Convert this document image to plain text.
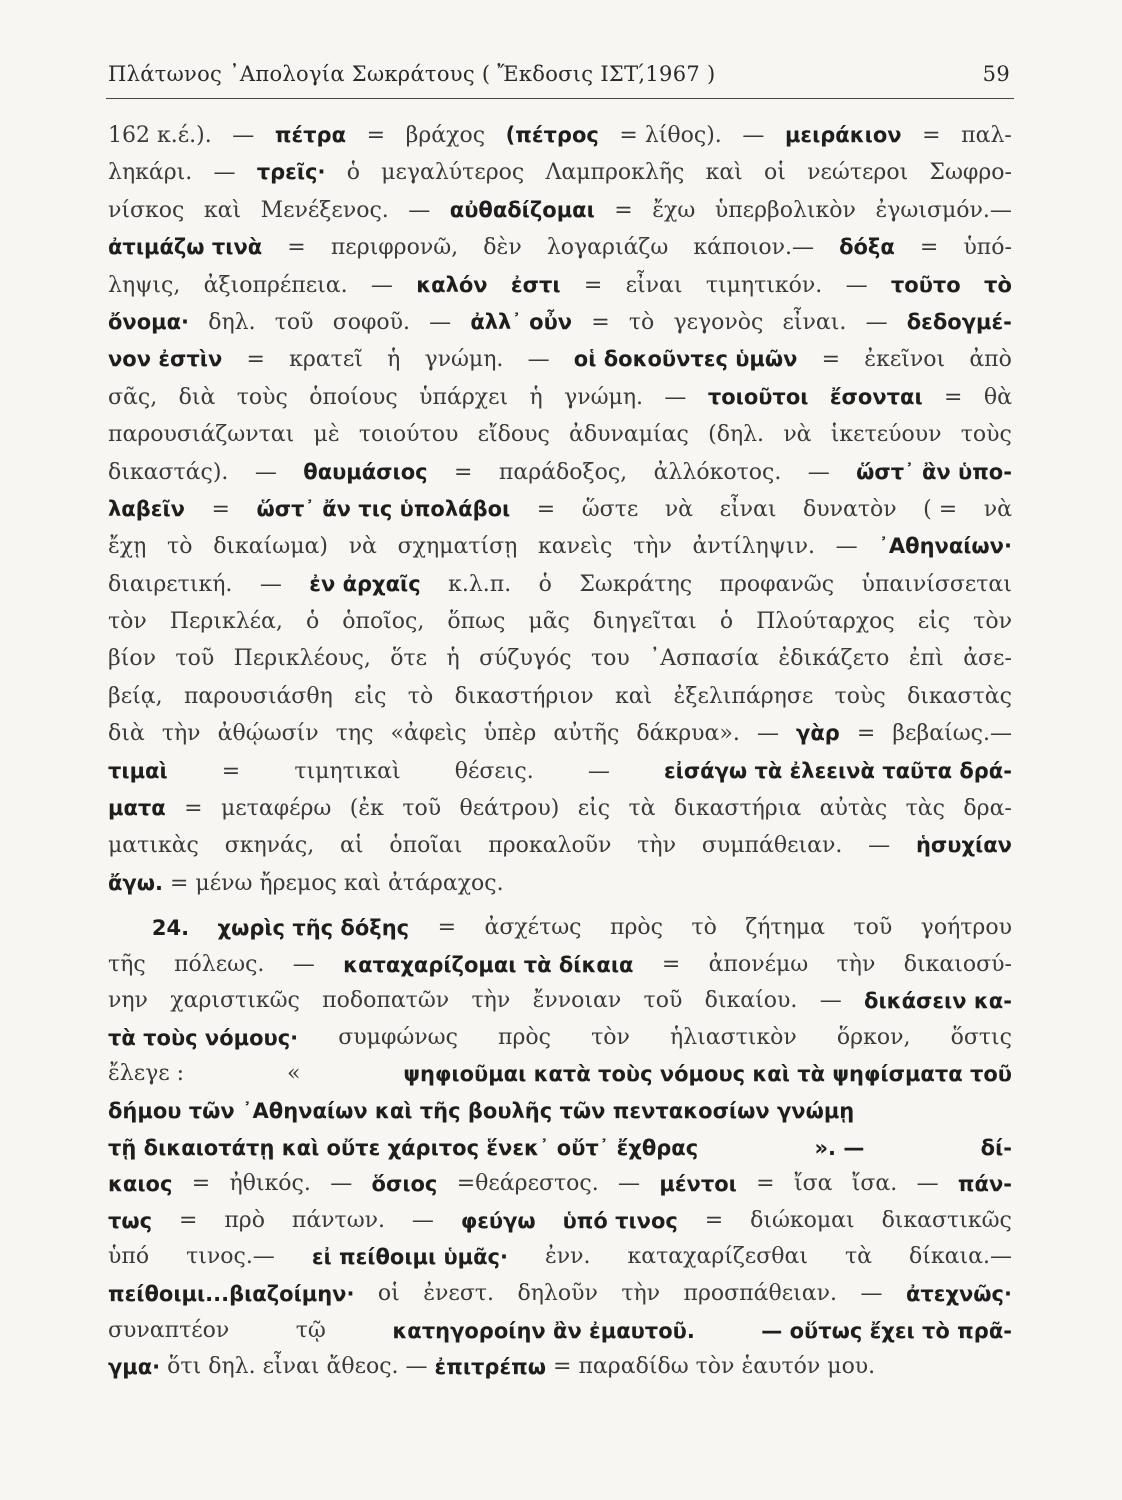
Πλάτωνος ᾿Απολογία Σωκράτους ( Ἔκδοσις ΙΣΤ,́1967 )	59
162 κ.έ.). — πέτρα = βράχος (πέτρος = λίθος). — μειράκιον = παλ-
ληκάρι. — τρεῖς· ὁ μεγαλύτερος Λαμπροκλῆς καὶ οἱ νεώτεροι Σωφρο-
νίσκος καὶ Μενέξενος. — αὐθαδίζομαι = ἔχω ὑπερβολικὸν ἐγωισμόν.—
ἀτιμάζω τινὰ = περιφρονῶ, δὲν λογαριάζω κάποιον.— δόξα = ὑπό-
ληψις, ἀξιοπρέπεια. — καλόν ἐστι = εἶναι τιμητικόν. — τοῦτο τὸ
ὄνομα· δηλ. τοῦ σοφοῦ. — ἀλλ᾿ οὖν = τὸ γεγονὸς εἶναι. — δεδογμέ-
νον ἐστὶν = κρατεῖ ἡ γνώμη. — οἱ δοκοῦντες ὑμῶν = ἐκεῖνοι ἀπὸ
σᾶς, διὰ τοὺς ὁποίους ὑπάρχει ἡ γνώμη. — τοιοῦτοι ἔσονται = θὰ
παρουσιάζωνται μὲ τοιούτου εἴδους ἀδυναμίας (δηλ. νὰ ἱκετεύουν τοὺς
δικαστάς). — θαυμάσιος = παράδοξος, ἀλλόκοτος. — ὥστ᾿ ἂν ὑπο-
λαβεῖν = ὥστ᾿ ἄν τις ὑπολάβοι = ὥστε νὰ εἶναι δυνατὸν ( = νὰ
ἔχῃ τὸ δικαίωμα) νὰ σχηματίσῃ κανεὶς τὴν ἀντίληψιν. — ᾿Αθηναίων·
διαιρετική. — ἐν ἀρχαῖς κ.λ.π. ὁ Σωκράτης προφανῶς ὑπαινίσσεται
τὸν Περικλέα, ὁ ὁποῖος, ὅπως μᾶς διηγεῖται ὁ Πλούταρχος εἰς τὸν
βίον τοῦ Περικλέους, ὅτε ἡ σύζυγός του ᾿Ασπασία ἐδικάζετο ἐπὶ ἀσε-
βείᾳ, παρουσιάσθη εἰς τὸ δικαστήριον καὶ ἐξελιπάρησε τοὺς δικαστὰς
διὰ τὴν ἀθῴωσίν της «ἀφεὶς ὑπὲρ αὐτῆς δάκρυα». — γὰρ = βεβαίως.—
τιμαὶ = τιμητικαὶ θέσεις. —	εἰσάγω τὰ ἐλεεινὰ ταῦτα δρά-
ματα = μεταφέρω (ἐκ τοῦ θεάτρου) εἰς τὰ δικαστήρια αὐτὰς τὰς δρα-
ματικὰς σκηνάς, αἱ ὁποῖαι προκαλοῦν τὴν συμπάθειαν. — ἡσυχίαν
ἄγω. = μένω ἤρεμος καὶ ἀτάραχος.
24. χωρὶς τῆς δόξης = ἀσχέτως πρὸς τὸ ζήτημα τοῦ γοήτρου
τῆς πόλεως. — καταχαρίζομαι τὰ δίκαια = ἀπονέμω τὴν δικαιοσύ-
νην χαριστικῶς ποδοπατῶν τὴν ἔννοιαν τοῦ δικαίου. — δικάσειν κα-
τὰ τοὺς νόμους· συμφώνως πρὸς τὸν ἡλιαστικὸν ὅρκον, ὅστις
ἔλεγε :	«	ψηφιοῦμαι κατὰ τοὺς νόμους καὶ τὰ ψηφίσματα τοῦ
δήμου τῶν ᾿Αθηναίων καὶ τῆς βουλῆς τῶν πεντακοσίων γνώμῃ
τῇ δικαιοτάτῃ καὶ οὔτε χάριτος ἕνεκ᾿ οὔτ᾿ ἔχθρας	». —	δί-
καιος = ἠθικός. — ὅσιος =θεάρεστος. — μέντοι = ἴσα ἴσα. — πάν-
τως = πρὸ πάντων. — φεύγω ὑπό τινος = διώκομαι δικαστικῶς
ὑπό τινος.— εἰ πείθοιμι ὑμᾶς· ἐνν. καταχαρίζεσθαι τὰ δίκαια.—
πείθοιμι...βιαζοίμην· οἱ ἐνεστ. δηλοῦν τὴν προσπάθειαν. — ἀτεχνῶς·
συναπτέον	τῷ	κατηγοροίην ἂν ἐμαυτοῦ.	— οὕτως ἔχει τὸ πρᾶ-
γμα· ὅτι δηλ. εἶναι ἄθεος. — ἐπιτρέπω = παραδίδω τὸν ἑαυτόν μου.
